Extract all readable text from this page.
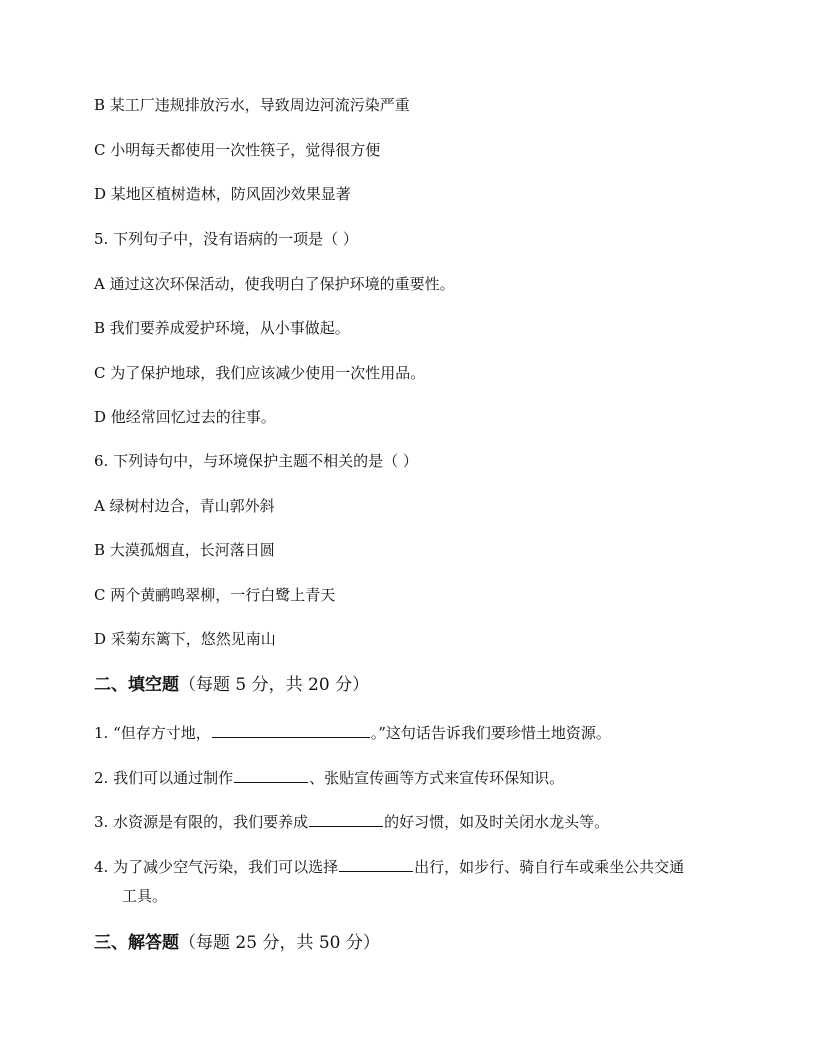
B 某工厂违规排放污水，导致周边河流污染严重

C 小明每天都使用一次性筷子，觉得很方便

D 某地区植树造林，防风固沙效果显著

5. 下列句子中，没有语病的一项是（ ）

A 通过这次环保活动，使我明白了保护环境的重要性。

B 我们要养成爱护环境，从小事做起。

C 为了保护地球，我们应该减少使用一次性用品。

D 他经常回忆过去的往事。

6. 下列诗句中，与环境保护主题不相关的是（ ）

A 绿树村边合，青山郭外斜

B 大漠孤烟直，长河落日圆

C 两个黄鹂鸣翠柳，一行白鹭上青天

D 采菊东篱下，悠然见南山

二、填空题（每题 5 分，共 20 分）

1. “但存方寸地，	。”这句话告诉我们要珍惜土地资源。

2. 我们可以通过制作	、张贴宣传画等方式来宣传环保知识。

3. 水资源是有限的，我们要养成	的好习惯，如及时关闭水龙头等。

4. 为了减少空气污染，我们可以选择	出行，如步行、骑自行车或乘坐公共交通

工具。

三、解答题（每题 25 分，共 50 分）
